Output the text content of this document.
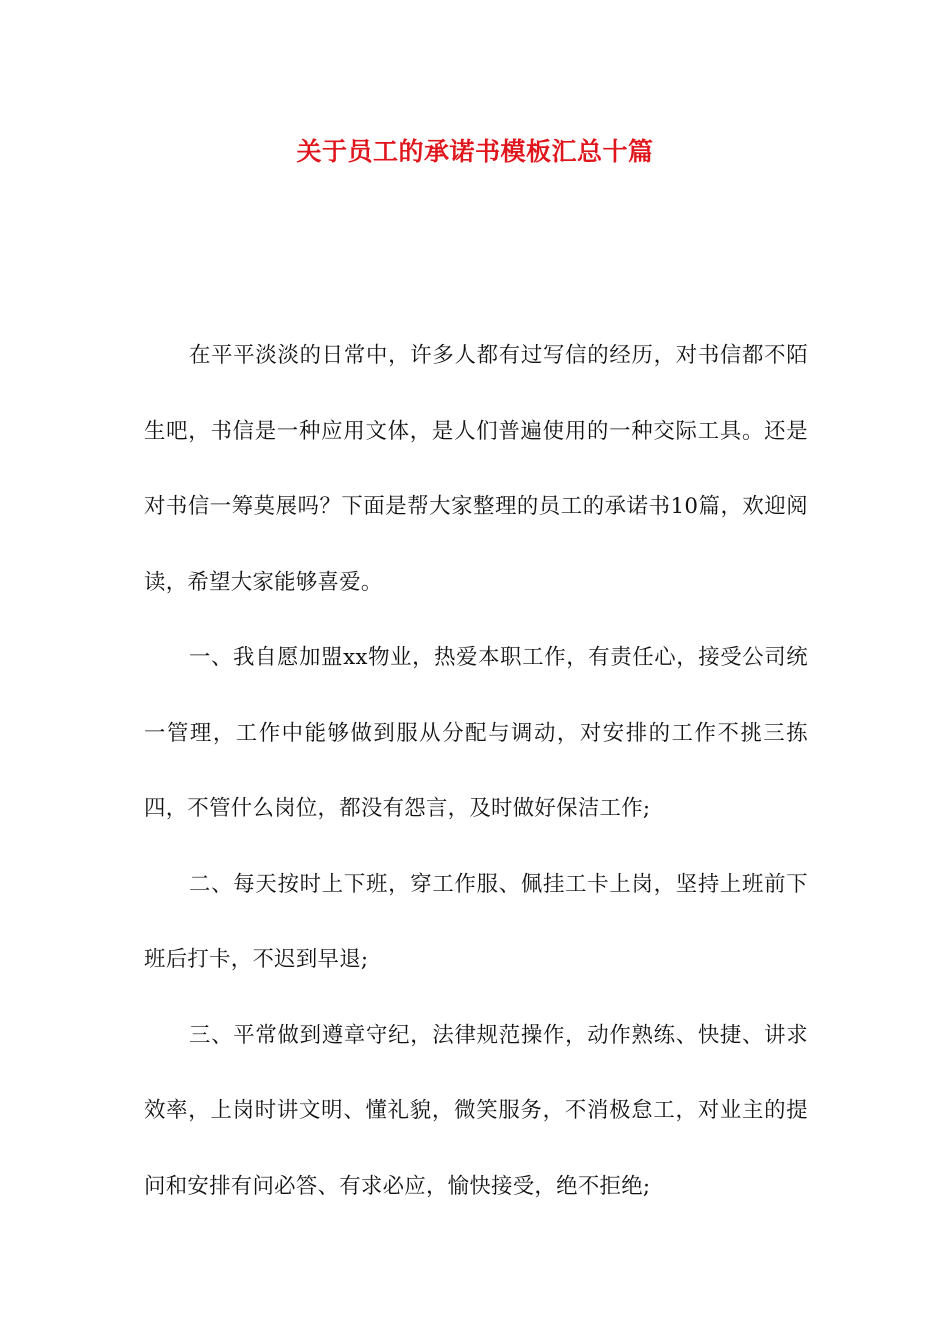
关于员工的承诺书模板汇总十篇

在平平淡淡的日常中，许多人都有过写信的经历，对书信都不陌生吧，书信是一种应用文体，是人们普遍使用的一种交际工具。还是对书信一筹莫展吗？下面是帮大家整理的员工的承诺书10篇，欢迎阅读，希望大家能够喜爱。

一、我自愿加盟xx物业，热爱本职工作，有责任心，接受公司统一管理，工作中能够做到服从分配与调动，对安排的工作不挑三拣四，不管什么岗位，都没有怨言，及时做好保洁工作;

二、每天按时上下班，穿工作服、佩挂工卡上岗，坚持上班前下班后打卡，不迟到早退;

三、平常做到遵章守纪，法律规范操作，动作熟练、快捷、讲求效率，上岗时讲文明、懂礼貌，微笑服务，不消极怠工，对业主的提问和安排有问必答、有求必应，愉快接受，绝不拒绝;
